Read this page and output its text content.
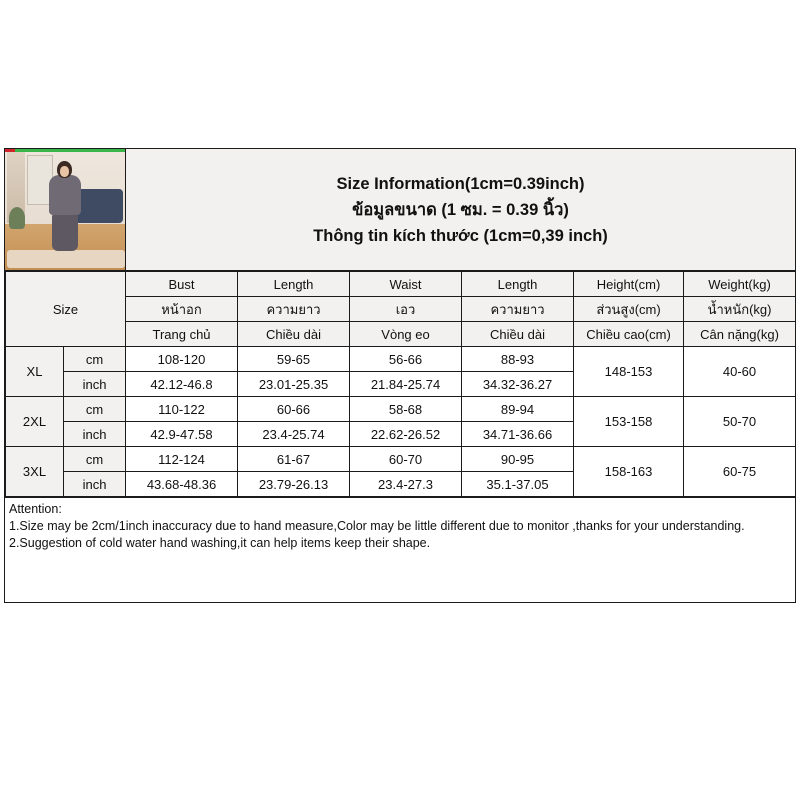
Size Information(1cm=0.39inch)
ข้อมูลขนาด (1 ซม. = 0.39 นิ้ว)
Thông tin kích thước (1cm=0,39 inch)
Size		Bust	Length	Waist	Length	Height(cm)	Weight(kg)
		หน้าอก	ความยาว	เอว	ความยาว	ส่วนสูง(cm)	น้ำหนัก(kg)
		Trang chủ	Chiều dài	Vòng eo	Chiều dài	Chiều cao(cm)	Cân nặng(kg)
XL	cm	108-120	59-65	56-66	88-93	148-153	40-60
	inch	42.12-46.8	23.01-25.35	21.84-25.74	34.32-36.27		
2XL	cm	110-122	60-66	58-68	89-94	153-158	50-70
	inch	42.9-47.58	23.4-25.74	22.62-26.52	34.71-36.66		
3XL	cm	112-124	61-67	60-70	90-95	158-163	60-75
	inch	43.68-48.36	23.79-26.13	23.4-27.3	35.1-37.05		
Attention:
1.Size may be 2cm/1inch inaccuracy due to hand measure,Color may be little different due to monitor ,thanks for your understanding.
2.Suggestion of cold water hand washing,it can help items keep their shape.
